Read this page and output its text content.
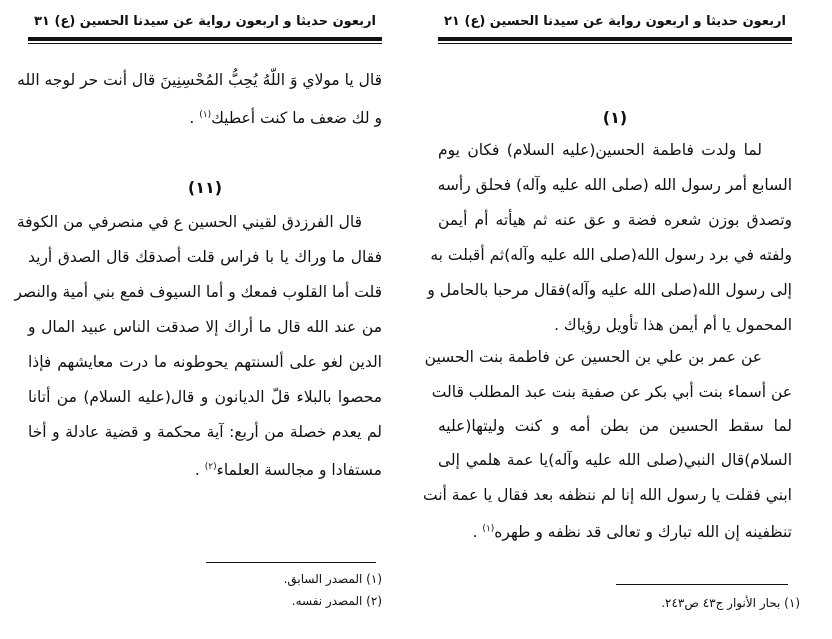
اربعون حديثا و اربعون رواية عن سيدنا الحسين (ع)
٣١
قال يا مولاي وَ اللّهُ يُحِبُّ المُحْسِنِينَ قال أنت حر لوجه الله
و لك ضعف ما كنت أعطيك$^{(١)}$ .
(١١)
قال الفرزدق لقيني الحسين ع في منصرفي من الكوفة
فقال ما وراك يا با فراس قلت أصدقك قال الصدق أريد
قلت أما القلوب فمعك و أما السيوف فمع بني أمية والنصر
من عند الله قال ما أراك إلا صدقت الناس عبيد المال و
الدين لغو على ألسنتهم يحوطونه ما درت معايشهم فإذا
محصوا بالبلاء قلّ الديانون و قال(عليه السلام) من أتانا
لم يعدم خصلة من أربع: آية محكمة و قضية عادلة و أخا
مستفادا و مجالسة العلماء$^{(٢)}$ .
(١) المصدر السابق.
(٢) المصدر نفسه.
اربعون حديثا و اربعون رواية عن سيدنا الحسين (ع)
٢١
(١)
لما ولدت فاطمة الحسين(عليه السلام) فكان يوم
السابع أمر رسول الله (صلى الله عليه وآله) فحلق رأسه
وتصدق بوزن شعره فضة و عق عنه ثم هيأته أم أيمن
ولفته في برد رسول الله(صلى الله عليه وآله)ثم أقبلت به
إلى رسول الله(صلى الله عليه وآله)فقال مرحبا بالحامل و
المحمول يا أم أيمن هذا تأويل رؤياك .
عن عمر بن علي بن الحسين عن فاطمة بنت الحسين
عن أسماء بنت أبي بكر عن صفية بنت عبد المطلب قالت
لما سقط الحسين من بطن أمه و كنت وليتها(عليه
السلام)قال النبي(صلى الله عليه وآله)يا عمة هلمي إلى
ابني فقلت يا رسول الله إنا لم ننظفه بعد فقال يا عمة أنت
تنظفينه إن الله تبارك و تعالى قد نظفه و طهره$^{(١)}$ .
(١) بحار الأنوار ج٤٣ ص٢٤٣.
